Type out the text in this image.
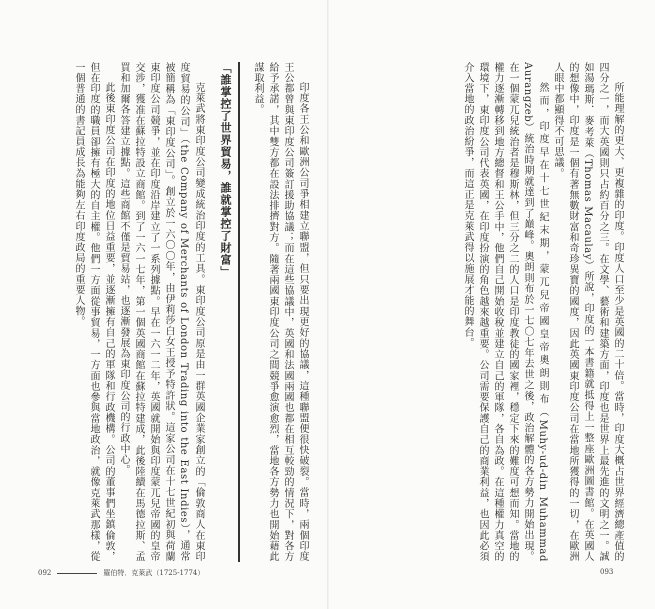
所能理解的更大、更複雜的印度。印度人口至少是英國的二十倍。當時，印度大概占世界經濟總產值的四分之一，而大英國則只占約百分之三。在文學、藝術和建築方面，印度也是世界上最先進的文明之一。誠如湯瑪斯．麥考萊（Thomas Macaulay）所說，印度的一本書籍就抵得上一整座歐洲圖書館。在英國人的想像中，印度是一個有著無數財富和奇珍異寶的國度，因此英國東印度公司在當地所獲得的一切，在歐洲人眼中都顯得不可思議。

然而，印度早在十七世紀末期，蒙兀兒帝國皇帝奧朗則布（Muhy-ud-din Muhammad Aurangzeb）統治時期就達到了巔峰。奧朗則布於一七〇七年去世之後，政治解體的各方勢力開始出現。在一個蒙兀兒統治者是穆斯林，但三分之二的人口是印度教徒的國家裡，穩定下來的難度可想而知。當地的權力逐漸轉移到地方總督和王公手中，他們自己開始收稅並建立自己的軍隊，各自為政。在這種權力真空的環境下，東印度公司代表英國，在印度扮演的角色越來越重要。公司需要保護自己的商業利益，也因此必須介入當地的政治紛爭，而這正是克萊武得以施展才能的舞台。

印度各王公和歐洲公司爭相建立聯盟，但只要出現更好的協議，這種聯盟便很快破裂。當時，兩個印度王公都曾與東印度公司簽訂援助協議；而在這些協議中，英國和法國兩國也都在相互較勁的情況下，對各方給予承諾，其中雙方都在設法排擠對方。隨著兩國東印度公司之間競爭愈演愈烈，當地各方勢力也開始藉此謀取利益。

「誰掌控了世界貿易，誰就掌控了財富」

克萊武將東印度公司變成統治印度的工具。東印度公司原是由一群英國企業家創立的「倫敦商人在東印度貿易的公司」（the Company of Merchants of London Trading into the East Indies），通常被簡稱為「東印度公司」。創立於一六〇〇年，由伊莉莎白女王授予特許狀。這家公司在十七世紀初與荷蘭東印度公司競爭，並在印度沿岸建立了一系列據點。早在一六一二年，英國就開始與印度蒙兀兒帝國的皇帝交涉，獲准在蘇拉特設立商館。到了一六一七年，第一個英國商館在蘇拉特建成，此後陸續在馬德拉斯、孟買和加爾各答建立據點。這些商館不僅是貿易站，也逐漸發展為東印度公司的行政中心。

此後東印度公司在印度的地位日益重要，並逐漸擁有自己的軍隊和行政機構。公司的董事們坐鎮倫敦，但在印度的職員卻擁有極大的自主權。他們一方面從事貿易，一方面也參與當地政治，就像克萊武那樣，從一個普通的書記員成長為能夠左右印度政局的重要人物。

092	羅伯特．克萊武（1725-1774）	093
